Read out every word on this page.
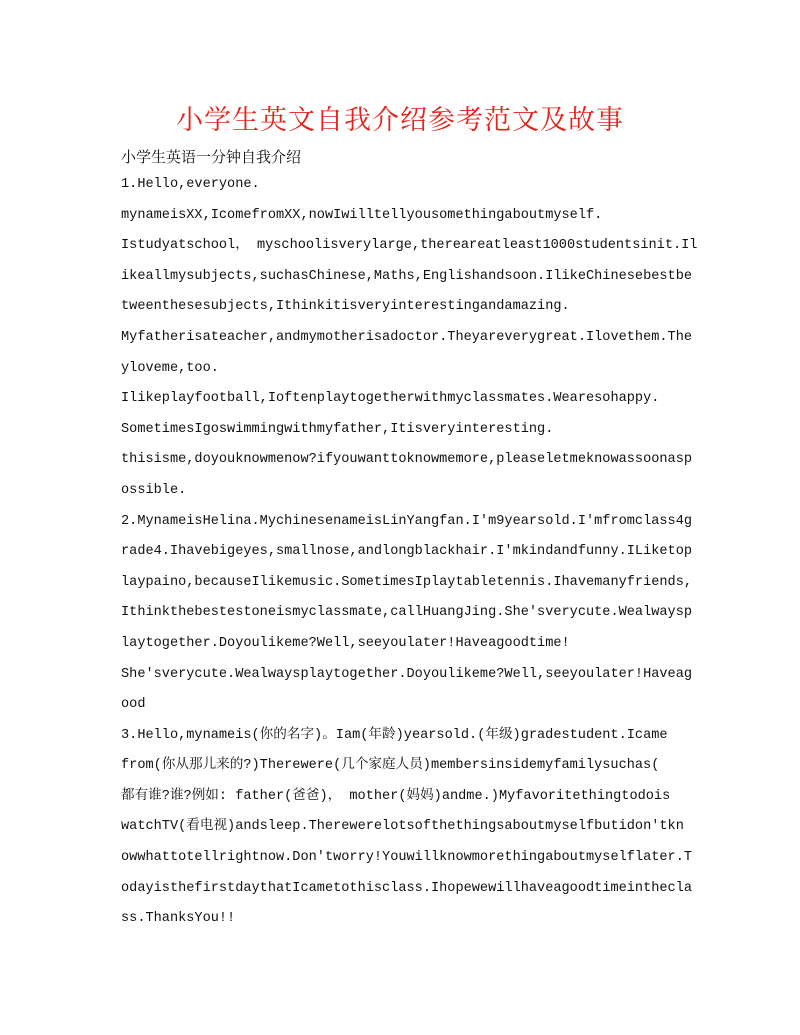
小学生英文自我介绍参考范文及故事

小学生英语一分钟自我介绍

1.Hello,everyone.
mynameisXX,IcomefromXX,nowIwilltellyousomethingaboutmyself.
Istudyatschool， myschoolisverylarge,thereareatleast1000studentsinit.Il
ikeallmysubjects,suchasChinese,Maths,Englishandsoon.IlikeChinesebestbe
tweenthesesubjects,Ithinkitisveryinterestingandamazing.
Myfatherisateacher,andmymotherisadoctor.Theyareverygreat.Ilovethem.The
yloveme,too.
Ilikeplayfootball,Ioftenplaytogetherwithmyclassmates.Wearesohappy.
SometimesIgoswimmingwithmyfather,Itisveryinteresting.
thisisme,doyouknowmenow?ifyouwanttoknowmemore,pleaseletmeknowassoonasp
ossible.
2.MynameisHelina.MychinesenameisLinYangfan.I'm9yearsold.I'mfromclass4g
rade4.Ihavebigeyes,smallnose,andlongblackhair.I'mkindandfunny.ILiketop
laypaino,becauseIlikemusic.SometimesIplaytabletennis.Ihavemanyfriends,
Ithinkthebestestoneismyclassmate,callHuangJing.She'sverycute.Wealwaysp
laytogether.Doyoulikeme?Well,seeyoulater!Haveagoodtime!
She'sverycute.Wealwaysplaytogether.Doyoulikeme?Well,seeyoulater!Haveag
ood
3.Hello,mynameis(你的名字)。Iam(年龄)yearsold.(年级)gradestudent.Icame
from(你从那儿来的?)Therewere(几个家庭人员)membersinsidemyfamilysuchas(
都有谁?谁?例如: father(爸爸)， mother(妈妈)andme.)Myfavoritethingtodois
watchTV(看电视)andsleep.Therewerelotsofthethingsaboutmyselfbutidon'tkn
owwhattotellrightnow.Don'tworry!Youwillknowmorethingaboutmyselflater.T
odayisthefirstdaythatIcametothisclass.Ihopewewillhaveagoodtimeinthecla
ss.ThanksYou!!
